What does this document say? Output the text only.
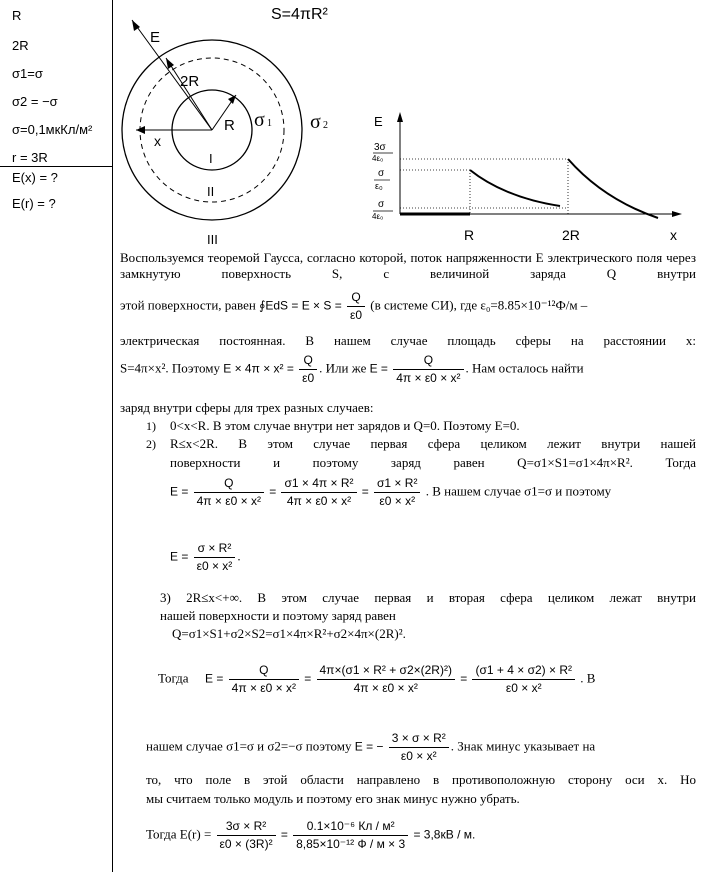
R
2R
σ1=σ
σ2 = −σ
σ=0,1мкКл/м²
r = 3R
E(x) = ?
E(r) = ?
E
2R
R
x
σ 1 σ 2
I
II
III
S=4πR²
E
x
3σ
4ε₀
σ
ε₀
σ
4ε₀
R	2R
Воспользуемся теоремой Гаусса, согласно которой, поток напряженности E электрического поля через замкнутую поверхность S, с величиной заряда Q внутри
этой поверхности, равен ∮EdS = $E \times S = \frac{Q}{\varepsilon 0} (в$ системе СИ), где ε₀=8.85×10⁻¹²Ф/м –
электрическая постоянная. В нашем случае площадь сферы на расстоянии x:
S=4π×x². Поэтому $E \times 4\pi \times x^2 = \frac{Q}{\varepsilon 0}$ . Или же $E = \frac{Q}{\text{4π × ε0 × x²}}$ . Нам осталось найти
заряд внутри сферы для трех разных случаев:
1) 0<x<R. В этом случае внутри нет зарядов и Q=0. Поэтому E=0.
2) R≤x<2R. В этом случае первая сфера целиком лежит внутри нашей
поверхности и поэтому заряд равен Q=σ1×S1=σ1×4π×R². Тогда
$E = \frac{Q}{\text{4π × ε0 × x²}} = \frac{\text{σ1 × 4π × R²}}{\text{4π × ε0 × x²}} = \frac{\text{σ1 × R²}}{\text{ε0 × x²}}$ . В нашем случае σ1=σ и поэтому
$E = \frac{\text{σ × R²}}{\text{ε0 × x²}}$ .
3) 2R≤x<+∞. В этом случае первая и вторая сфера целиком лежат внутри
нашей поверхности и поэтому заряд равен
Q=σ1×S1+σ2×S2=σ1×4π×R²+σ2×4π×(2R)².
Тогда $E = \frac{Q}{\text{4π × ε0 × x²}} = \frac{\text{4π×(σ1 × R² + σ2×(2R)²)}}{\text{4π × ε0 × x²}} = \frac{\text{(σ1 + 4 × σ2) × R²}}{\text{ε0 × x²}}$ . В
нашем случае σ1=σ и σ2=−σ поэтому E = − $\frac{\text{3 × σ × R²}}{\text{ε0 × x²}}$ . Знак минус указывает на
то, что поле в этой области направлено в противоположную сторону оси x. Но
мы считаем только модуль и поэтому его знак минус нужно убрать.
Тогда $E(r) = \frac{\text{3σ × R²}}{\text{ε0 × (3R)²}} = \frac{\text{0.1×10⁻⁶ Кл / м²}}{\text{8,85×10⁻¹² Ф / м × 3}} = 3,8кВ / м$.
